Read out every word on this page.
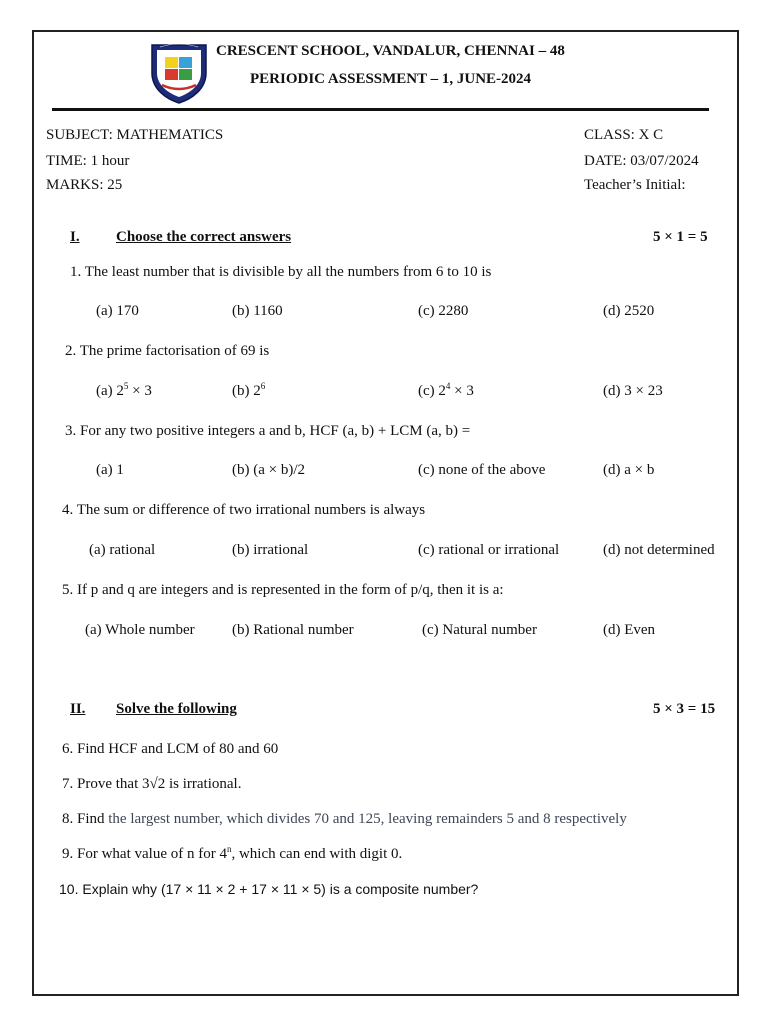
CRESCENT SCHOOL, VANDALUR, CHENNAI – 48
PERIODIC ASSESSMENT – 1, JUNE-2024
SUBJECT: MATHEMATICS
TIME: 1 hour
MARKS: 25
CLASS: X C
DATE: 03/07/2024
Teacher’s Initial:
I. Choose the correct answers	5 × 1 = 5
1. The least number that is divisible by all the numbers from 6 to 10 is
(a) 170	(b) 1160	(c) 2280	(d) 2520
2. The prime factorisation of 69 is
(a) $2^5 \times 3$	(b) $2^6$	(c) $2^4 \times 3$	(d) 3 × 23
3. For any two positive integers a and b, HCF (a, b) + LCM (a, b) =
(a) 1	(b) (a × b)/2	(c) none of the above	(d) a × b
4. The sum or difference of two irrational numbers is always
(a) rational	(b) irrational	(c) rational or irrational	(d) not determined
5. If p and q are integers and is represented in the form of p/q, then it is a:
(a) Whole number (b) Rational number	(c) Natural number	(d) Even
II. Solve the following	5 × 3 = 15
6. Find HCF and LCM of 80 and 60
7. Prove that 3√2 is irrational.
8. Find the largest number, which divides 70 and 125, leaving remainders 5 and 8 respectively
9. For what value of n for 4$^n$, which can end with digit 0.
10. Explain why (17 × 11 × 2 + 17 × 11 × 5) is a composite number?
